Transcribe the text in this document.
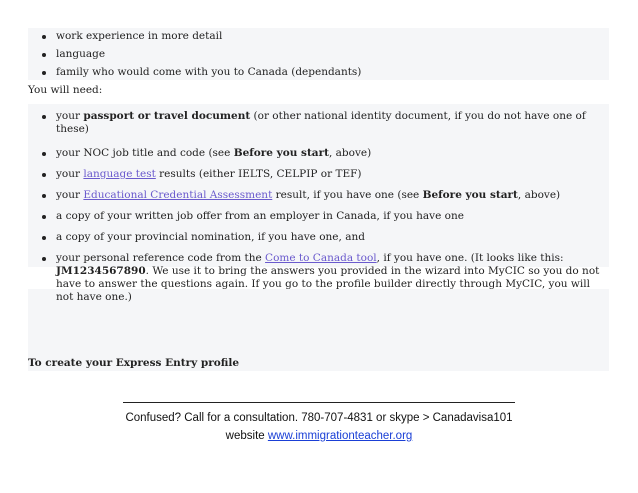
work experience in more detail
language
family who would come with you to Canada (dependants)
You will need:
your passport or travel document (or other national identity document, if you do not have one of these)
your NOC job title and code (see Before you start, above)
your language test results (either IELTS, CELPIP or TEF)
your Educational Credential Assessment result, if you have one (see Before you start, above)
a copy of your written job offer from an employer in Canada, if you have one
a copy of your provincial nomination, if you have one, and
your personal reference code from the Come to Canada tool, if you have one. (It looks like this: JM1234567890. We use it to bring the answers you provided in the wizard into MyCIC so you do not have to answer the questions again. If you go to the profile builder directly through MyCIC, you will not have one.)
To create your Express Entry profile
Confused? Call for a consultation. 780-707-4831 or skype > Canadavisa101
website www.immigrationteacher.org
